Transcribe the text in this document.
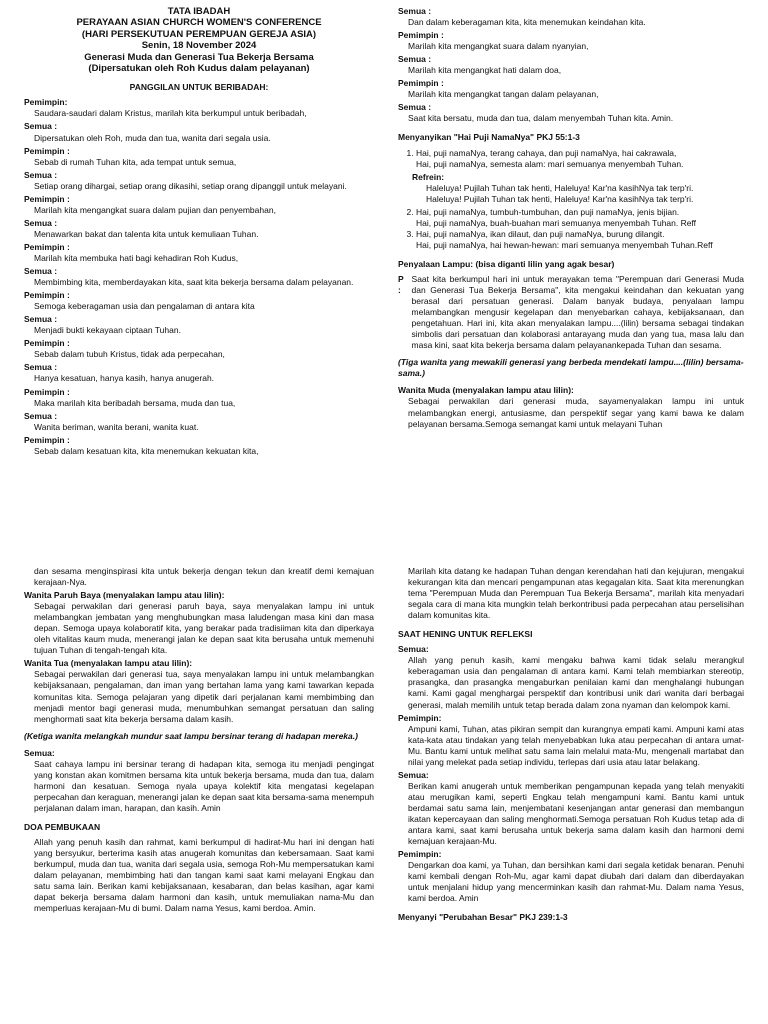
TATA IBADAH
PERAYAAN ASIAN CHURCH WOMEN'S CONFERENCE
(HARI PERSEKUTUAN PEREMPUAN GEREJA ASIA)
Senin, 18 November 2024
Generasi Muda dan Generasi Tua Bekerja Bersama
(Dipersatukan oleh Roh Kudus dalam pelayanan)
PANGGILAN UNTUK BERIBADAH:
Pemimpin:
Saudara-saudari dalam Kristus, marilah kita berkumpul untuk beribadah,
Semua :
Dipersatukan oleh Roh, muda dan tua, wanita dari segala usia.
Pemimpin :
Sebab di rumah Tuhan kita, ada tempat untuk semua,
Semua :
Setiap orang dihargai, setiap orang dikasihi, setiap orang dipanggil untuk melayani.
Pemimpin :
Marilah kita mengangkat suara dalam pujian dan penyembahan,
Semua :
Menawarkan bakat dan talenta kita untuk kemuliaan Tuhan.
Pemimpin :
Marilah kita membuka hati bagi kehadiran Roh Kudus,
Semua :
Membimbing kita, memberdayakan kita, saat kita bekerja bersama dalam pelayanan.
Pemimpin :
Semoga keberagaman usia dan pengalaman di antara kita
Semua :
Menjadi bukti kekayaan ciptaan Tuhan.
Pemimpin :
Sebab dalam tubuh Kristus, tidak ada perpecahan,
Semua :
Hanya kesatuan, hanya kasih, hanya anugerah.
Pemimpin :
Maka marilah kita beribadah bersama, muda dan tua,
Semua :
Wanita beriman, wanita berani, wanita kuat.
Pemimpin :
Sebab dalam kesatuan kita, kita menemukan kekuatan kita,
Semua :
Dan dalam keberagaman kita, kita menemukan keindahan kita.
Pemimpin :
Marilah kita mengangkat suara dalam nyanyian,
Semua :
Marilah kita mengangkat hati dalam doa,
Pemimpin :
Marilah kita mengangkat tangan dalam pelayanan,
Semua :
Saat kita bersatu, muda dan tua, dalam menyembah Tuhan kita. Amin.
Menyanyikan "Hai Puji NamaNya" PKJ 55:1-3
1. Hai, puji namaNya, terang cahaya, dan puji namaNya, hai cakrawala,
Hai, puji namaNya, semesta alam: mari semuanya menyembah Tuhan.
Refrein:
Haleluya! Pujilah Tuhan tak henti, Haleluya! Kar'na kasihNya tak terp'ri.
Haleluya! Pujilah Tuhan tak henti, Haleluya! Kar'na kasihNya tak terp'ri.
2. Hai, puji namaNya, tumbuh-tumbuhan, dan puji namaNya, jenis bijian.
Hai, puji namaNya, buah-buahan mari semuanya menyembah Tuhan. Reff
3. Hai, puji namaNya, ikan dilaut, dan puji namaNya, burung dilangit.
Hai, puji namaNya, hai hewan-hewan: mari semuanya menyembah Tuhan.Reff
Penyalaan Lampu: (bisa diganti lilin yang agak besar)
P :
Saat kita berkumpul hari ini untuk merayakan tema "Perempuan dari Generasi Muda dan Generasi Tua Bekerja Bersama", kita mengakui keindahan dan kekuatan yang berasal dari persatuan generasi. Dalam banyak budaya, penyalaan lampu melambangkan mengusir kegelapan dan menyebarkan cahaya, kebijaksanaan, dan pengetahuan. Hari ini, kita akan menyalakan lampu....(lilin) bersama sebagai tindakan simbolis dari persatuan dan kolaborasi antarayang muda dan yang tua, masa lalu dan masa kini, saat kita bekerja bersama dalam pelayanankepada Tuhan dan sesama.
(Tiga wanita yang mewakili generasi yang berbeda mendekati lampu....(lilin) bersama-sama.)
Wanita Muda (menyalakan lampu atau lilin):
Sebagai perwakilan dari generasi muda, sayamenyalakan lampu ini untuk melambangkan energi, antusiasme, dan perspektif segar yang kami bawa ke dalam pelayanan bersama.Semoga semangat kami untuk melayani Tuhan
dan sesama menginspirasi kita untuk bekerja dengan tekun dan kreatif demi kemajuan kerajaan-Nya.
Wanita Paruh Baya (menyalakan lampu atau lilin):
Sebagai perwakilan dari generasi paruh baya, saya menyalakan lampu ini untuk melambangkan jembatan yang menghubungkan masa laludengan masa kini dan masa depan. Semoga upaya kolaboratif kita, yang berakar pada tradisiiman kita dan diperkaya oleh vitalitas kaum muda, menerangi jalan ke depan saat kita berusaha untuk memenuhi tujuan Tuhan di tengah-tengah kita.
Wanita Tua (menyalakan lampu atau lilin):
Sebagai perwakilan dari generasi tua, saya menyalakan lampu ini untuk melambangkan kebijaksanaan, pengalaman, dan iman yang bertahan lama yang kami tawarkan kepada komunitas kita. Semoga pelajaran yang dipetik dari perjalanan kami membimbing dan menjadi mentor bagi generasi muda, menumbuhkan semangat persatuan dan saling menghormati saat kita bekerja bersama dalam kasih.
(Ketiga wanita melangkah mundur saat lampu bersinar terang di hadapan mereka.)
Semua:
Saat cahaya lampu ini bersinar terang di hadapan kita, semoga itu menjadi pengingat yang konstan akan komitmen bersama kita untuk bekerja bersama, muda dan tua, dalam harmoni dan kesatuan. Semoga nyala upaya kolektif kita mengatasi kegelapan perpecahan dan keraguan, menerangi jalan ke depan saat kita bersama-sama menempuh perjalanan dalam iman, harapan, dan kasih. Amin
DOA PEMBUKAAN
Allah yang penuh kasih dan rahmat, kami berkumpul di hadirat-Mu hari ini dengan hati yang bersyukur, berterima kasih atas anugerah komunitas dan kebersamaan. Saat kami berkumpul, muda dan tua, wanita dari segala usia, semoga Roh-Mu mempersatukan kami dalam pelayanan, membimbing hati dan tangan kami saat kami melayani Engkau dan satu sama lain. Berikan kami kebijaksanaan, kesabaran, dan belas kasihan, agar kami dapat bekerja bersama dalam harmoni dan kasih, untuk memuliakan nama-Mu dan memperluas kerajaan-Mu di bumi. Dalam nama Yesus, kami berdoa. Amin.
Marilah kita datang ke hadapan Tuhan dengan kerendahan hati dan kejujuran, mengakui kekurangan kita dan mencari pengampunan atas kegagalan kita. Saat kita merenungkan tema "Perempuan Muda dan Perempuan Tua Bekerja Bersama", marilah kita menyadari segala cara di mana kita mungkin telah berkontribusi pada perpecahan atau perselisihan dalam komunitas kita.
SAAT HENING UNTUK REFLEKSI
Semua:
Allah yang penuh kasih, kami mengaku bahwa kami tidak selalu merangkul keberagaman usia dan pengalaman di antara kami. Kami telah membiarkan stereotip, prasangka, dan prasangka mengaburkan penilaian kami dan menghalangi hubungan kami. Kami gagal menghargai perspektif dan kontribusi unik dari wanita dari berbagai generasi, malah memilih untuk tetap berada dalam zona nyaman dan kelompok kami.
Pemimpin:
Ampuni kami, Tuhan, atas pikiran sempit dan kurangnya empati kami. Ampuni kami atas kata-kata atau tindakan yang telah menyebabkan luka atau perpecahan di antara umat-Mu. Bantu kami untuk melihat satu sama lain melalui mata-Mu, mengenali martabat dan nilai yang melekat pada setiap individu, terlepas dari usia atau latar belakang.
Semua:
Berikan kami anugerah untuk memberikan pengampunan kepada yang telah menyakiti atau merugikan kami, seperti Engkau telah mengampuni kami. Bantu kami untuk berdamai satu sama lain, menjembatani kesenjangan antar generasi dan membangun ikatan kepercayaan dan saling menghormati.Semoga persatuan Roh Kudus tetap ada di antara kami, saat kami berusaha untuk bekerja sama dalam kasih dan harmoni demi kemajuan kerajaan-Mu.
Pemimpin:
Dengarkan doa kami, ya Tuhan, dan bersihkan kami dari segala ketidak benaran. Penuhi kami kembali dengan Roh-Mu, agar kami dapat diubah dari dalam dan diberdayakan untuk menjalani hidup yang mencerminkan kasih dan rahmat-Mu. Dalam nama Yesus, kami berdoa. Amin
Menyanyi "Perubahan Besar" PKJ 239:1-3
